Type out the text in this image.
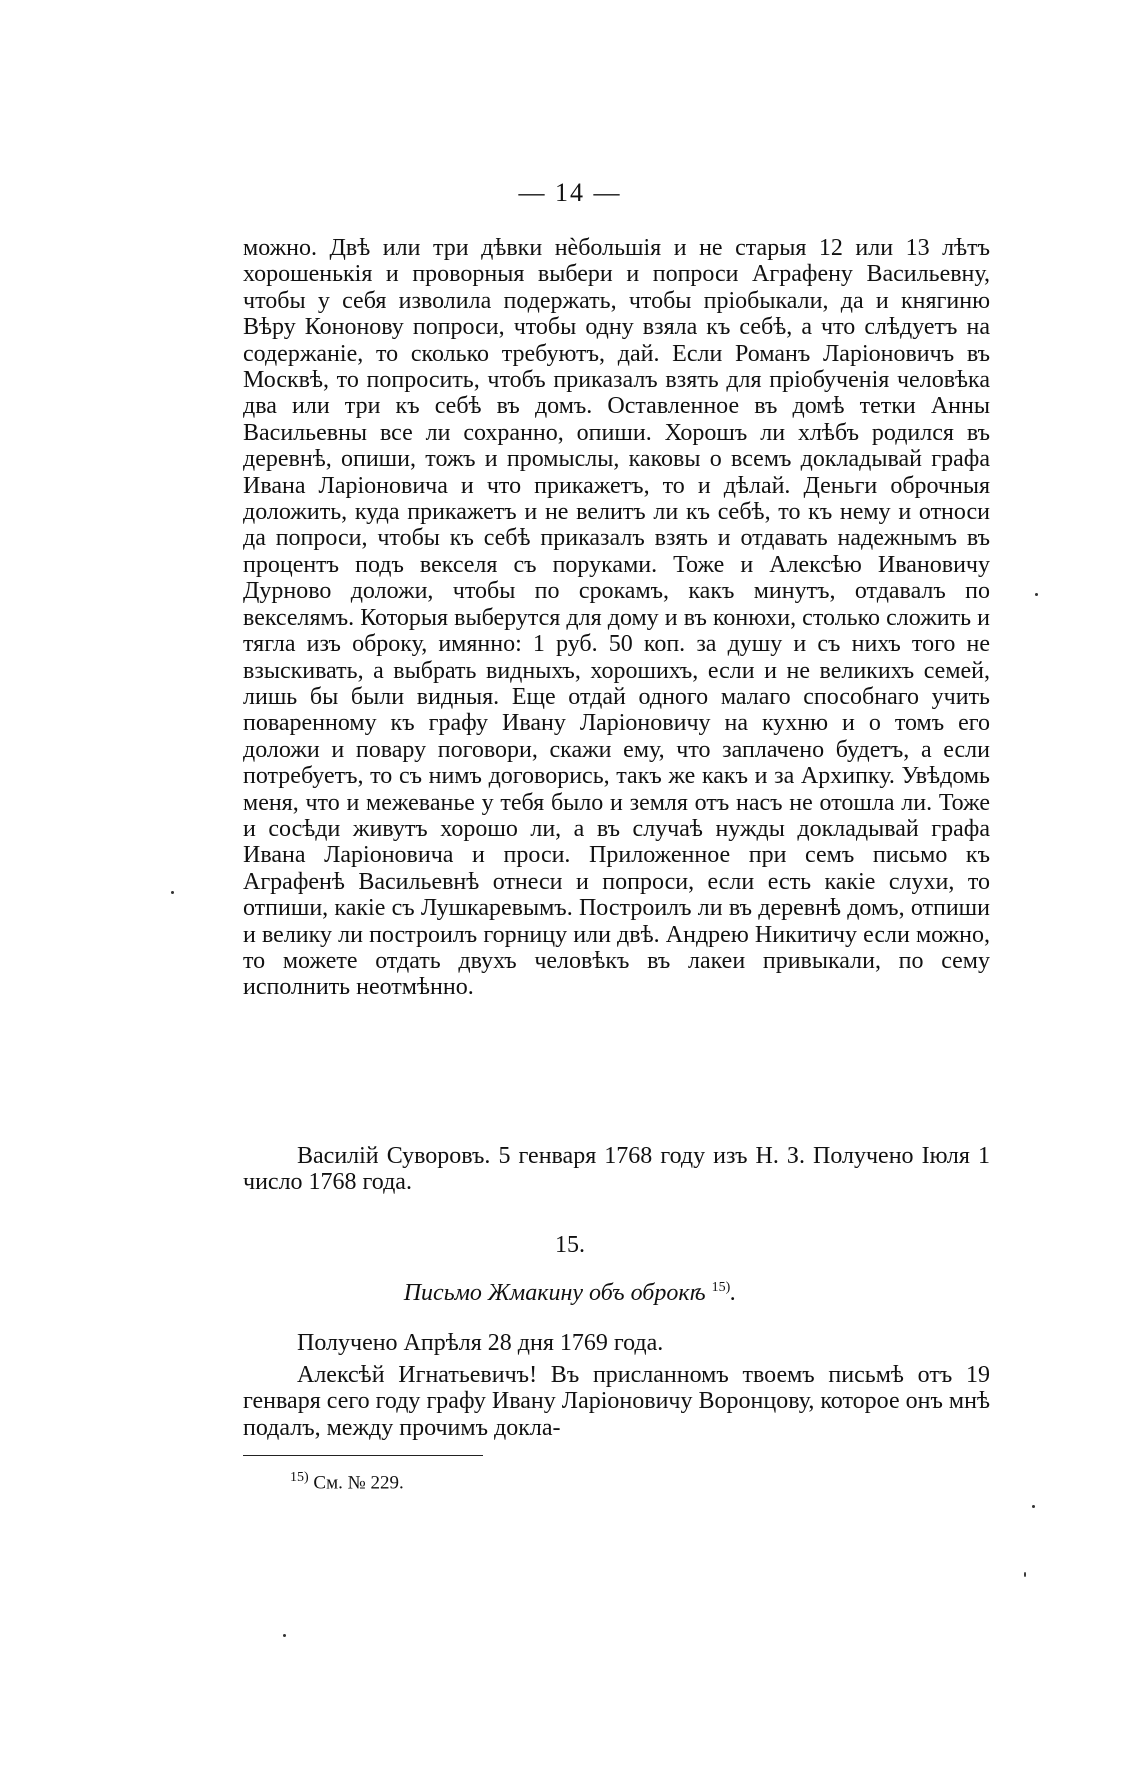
— 14 —

можно. Двѣ или три дѣвки нѐбольшія и не старыя 12 или 13 лѣтъ хорошенькія и проворныя выбери и попроси Аграфену Васильевну, чтобы у себя изволила подержать, чтобы пріобыкали, да и княгиню Вѣру Кононову попроси, чтобы одну взяла къ себѣ, а что слѣдуетъ на содержаніе, то сколько требуютъ, дай. Если Романъ Ларіоновичъ въ Москвѣ, то попросить, чтобъ приказалъ взять для пріобученія человѣка два или три къ себѣ въ домъ. Оставленное въ домѣ тетки Анны Васильевны все ли сохранно, опиши. Хорошъ ли хлѣбъ родился въ деревнѣ, опиши, тожъ и промыслы, каковы о всемъ докладывай графа Ивана Ларіоновича и что прикажетъ, то и дѣлай. Деньги оброчныя доложить, куда прикажетъ и не велитъ ли къ себѣ, то къ нему и относи да попроси, чтобы къ себѣ приказалъ взять и отдавать надежнымъ въ процентъ подъ векселя съ поруками. Тоже и Алексѣю Ивановичу Дурново доложи, чтобы по срокамъ, какъ минутъ, отдавалъ по векселямъ. Которыя выберутся для дому и въ конюхи, столько сложить и тягла изъ оброку, имянно: 1 руб. 50 коп. за душу и съ нихъ того не взыскивать, а выбрать видныхъ, хорошихъ, если и не великихъ семей, лишь бы были видныя. Еще отдай одного малаго способнаго учить поваренному къ графу Ивану Ларіоновичу на кухню и о томъ его доложи и повару поговори, скажи ему, что заплачено будетъ, а если потребуетъ, то съ нимъ договорись, такъ же какъ и за Архипку. Увѣдомь меня, что и межеванье у тебя было и земля отъ насъ не отошла ли. Тоже и сосѣди живутъ хорошо ли, а въ случаѣ нужды докладывай графа Ивана Ларіоновича и проси. Приложенное при семъ письмо къ Аграфенѣ Васильевнѣ отнеси и попроси, если есть какіе слухи, то отпиши, какіе съ Лушкаревымъ. Построилъ ли въ деревнѣ домъ, отпиши и велику ли построилъ горницу или двѣ. Андрею Никитичу если можно, то можете отдать двухъ человѣкъ въ лакеи привыкали, по сему исполнить неотмѣнно.

Василій Суворовъ. 5 генваря 1768 году изъ Н. З. Получено Іюля 1 число 1768 года.

15.
Письмо Жмакину объ оброкѣ $^{15)}$.

Получено Апрѣля 28 дня 1769 года.

Алексѣй Игнатьевичъ! Въ присланномъ твоемъ письмѣ отъ 19 генваря сего году графу Ивану Ларіоновичу Воронцову, которое онъ мнѣ подалъ, между прочимъ докла-

$^{15)}$ См. № 229.
